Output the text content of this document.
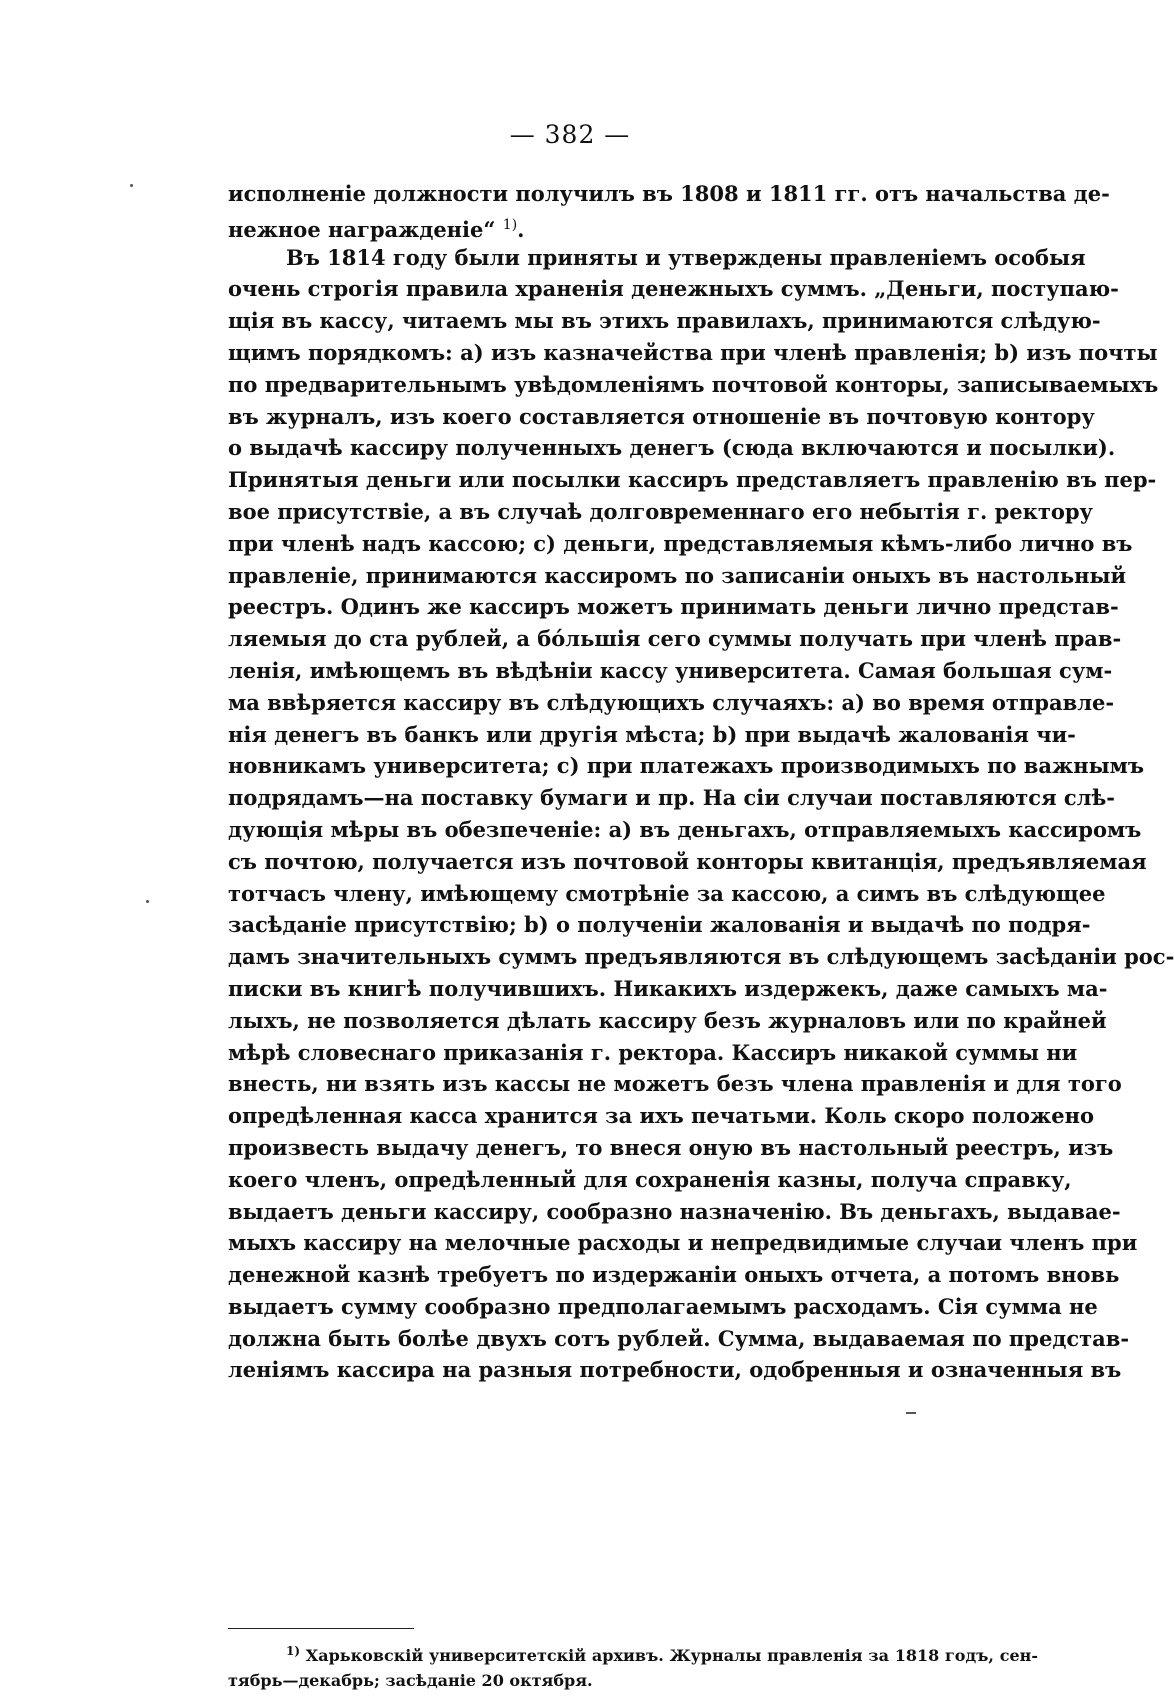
— 382 —
исполненіе должности получилъ въ 1808 и 1811 гг. отъ начальства де-
нежное награжденіе“ $^{1)}$.
Въ 1814 году были приняты и утверждены правленіемъ особыя
очень строгія правила храненія денежныхъ суммъ. „Деньги, поступаю-
щія въ кассу, читаемъ мы въ этихъ правилахъ, принимаются слѣдую-
щимъ порядкомъ: a) изъ казначейства при членѣ правленія; b) изъ почты
по предварительнымъ увѣдомленіямъ почтовой конторы, записываемыхъ
въ журналъ, изъ коего составляется отношеніе въ почтовую контору
о выдачѣ кассиру полученныхъ денегъ (сюда включаются и посылки).
Принятыя деньги или посылки кассиръ представляетъ правленію въ пер-
вое присутствіе, а въ случаѣ долговременнаго его небытія г. ректору
при членѣ надъ кассою; c) деньги, представляемыя кѣмъ-либо лично въ
правленіе, принимаются кассиромъ по записаніи оныхъ въ настольный
реестръ. Одинъ же кассиръ можетъ принимать деньги лично представ-
ляемыя до ста рублей, а бóльшія сего суммы получать при членѣ прав-
ленія, имѣющемъ въ вѣдѣніи кассу университета. Самая большая сум-
ма ввѣряется кассиру въ слѣдующихъ случаяхъ: a) во время отправле-
нія денегъ въ банкъ или другія мѣста; b) при выдачѣ жалованія чи-
новникамъ университета; c) при платежахъ производимыхъ по важнымъ
подрядамъ—на поставку бумаги и пр. На сіи случаи поставляются слѣ-
дующія мѣры въ обезпеченіе: a) въ деньгахъ, отправляемыхъ кассиромъ
съ почтою, получается изъ почтовой конторы квитанція, предъявляемая
тотчасъ члену, имѣющему смотрѣніе за кассою, а симъ въ слѣдующее
засѣданіе присутствію; b) о полученіи жалованія и выдачѣ по подря-
дамъ значительныхъ суммъ предъявляются въ слѣдующемъ засѣданіи рос-
писки въ книгѣ получившихъ. Никакихъ издержекъ, даже самыхъ ма-
лыхъ, не позволяется дѣлать кассиру безъ журналовъ или по крайней
мѣрѣ словеснаго приказанія г. ректора. Кассиръ никакой суммы ни
внесть, ни взять изъ кассы не можетъ безъ члена правленія и для того
опредѣленная касса хранится за ихъ печатьми. Коль скоро положено
произвесть выдачу денегъ, то внеся оную въ настольный реестръ, изъ
коего членъ, опредѣленный для сохраненія казны, получа справку,
выдаетъ деньги кассиру, сообразно назначенію. Въ деньгахъ, выдавае-
мыхъ кассиру на мелочные расходы и непредвидимые случаи членъ при
денежной казнѣ требуетъ по издержаніи оныхъ отчета, а потомъ вновь
выдаетъ сумму сообразно предполагаемымъ расходамъ. Сія сумма не
должна быть болѣе двухъ сотъ рублей. Сумма, выдаваемая по представ-
леніямъ кассира на разныя потребности, одобренныя и означенныя въ
$^{1)}$ Харьковскій университетскій архивъ. Журналы правленія за 1818 годъ, сен-
тябрь—декабрь; засѣданіе 20 октября.
